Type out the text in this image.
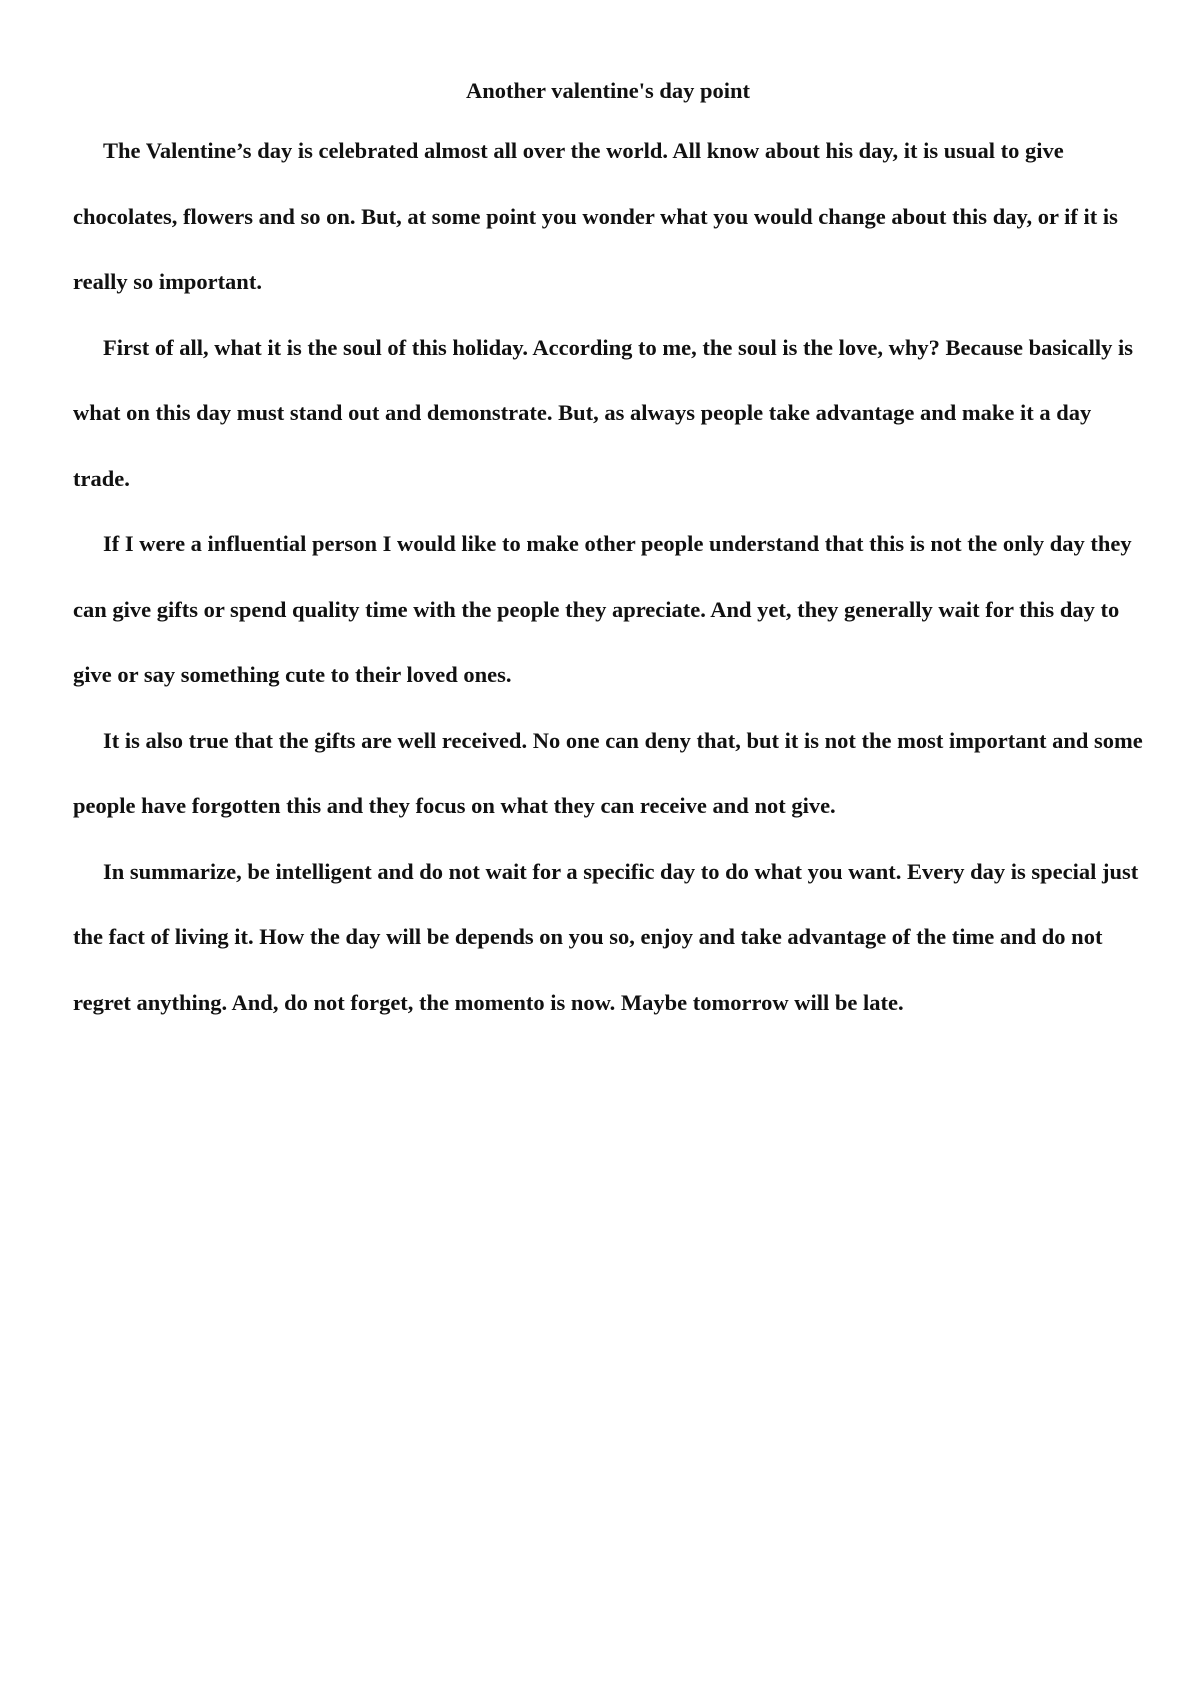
Another valentine's day point

The Valentine’s day is celebrated almost all over the world. All know about his day, it is usual to give chocolates, flowers and so on. But, at some point you wonder what you would change about this day, or if it is really so important.

First of all, what it is the soul of this holiday. According to me, the soul is the love, why? Because basically is what on this day must stand out and demonstrate. But, as always people take advantage and make it a day trade.

If I were a influential person I would like to make other people understand that this is not the only day they can give gifts or spend quality time with the people they apreciate. And yet, they generally wait for this day to give or say something cute to their loved ones.

It is also true that the gifts are well received. No one can deny that, but it is not the most important and some people have forgotten this and they focus on what they can receive and not give.

In summarize, be intelligent and do not wait for a specific day to do what you want. Every day is special just the fact of living it. How the day will be depends on you so, enjoy and take advantage of the time and do not regret anything. And, do not forget, the momento is now. Maybe tomorrow will be late.
